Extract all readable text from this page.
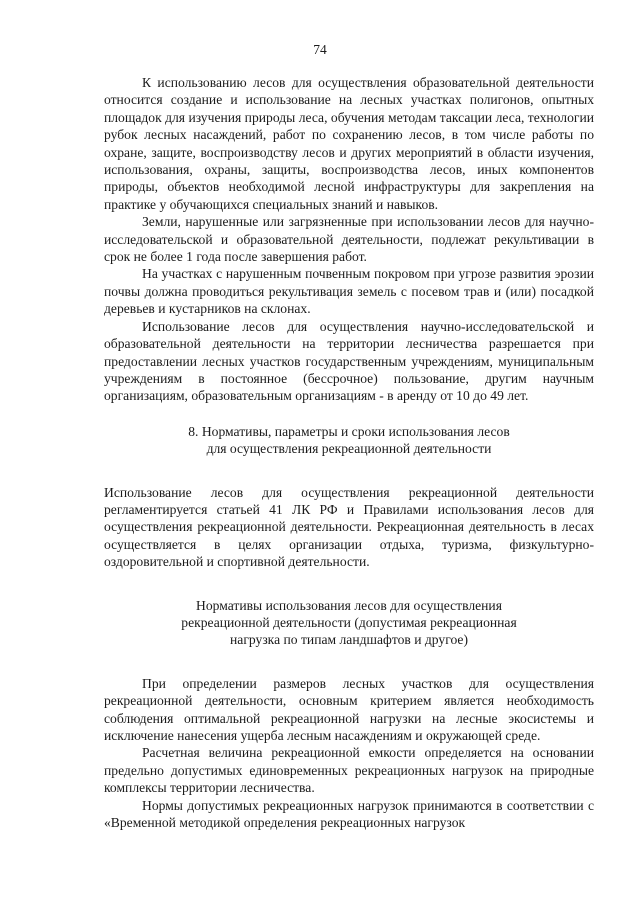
74

К использованию лесов для осуществления образовательной деятельности относится создание и использование на лесных участках полигонов, опытных площадок для изучения природы леса, обучения методам таксации леса, технологии рубок лесных насаждений, работ по сохранению лесов, в том числе работы по охране, защите, воспроизводству лесов и других мероприятий в области изучения, использования, охраны, защиты, воспроизводства лесов, иных компонентов природы, объектов необходимой лесной инфраструктуры для закрепления на практике у обучающихся специальных знаний и навыков.

Земли, нарушенные или загрязненные при использовании лесов для научно-исследовательской и образовательной деятельности, подлежат рекультивации в срок не более 1 года после завершения работ.

На участках с нарушенным почвенным покровом при угрозе развития эрозии почвы должна проводиться рекультивация земель с посевом трав и (или) посадкой деревьев и кустарников на склонах.

Использование лесов для осуществления научно-исследовательской и образовательной деятельности на территории лесничества разрешается при предоставлении лесных участков государственным учреждениям, муниципальным учреждениям в постоянное (бессрочное) пользование, другим научным организациям, образовательным организациям - в аренду от 10 до 49 лет.

8. Нормативы, параметры и сроки использования лесов
для осуществления рекреационной деятельности

Использование лесов для осуществления рекреационной деятельности регламентируется статьей 41 ЛК РФ и Правилами использования лесов для осуществления рекреационной деятельности. Рекреационная деятельность в лесах осуществляется в целях организации отдыха, туризма, физкультурно-оздоровительной и спортивной деятельности.

Нормативы использования лесов для осуществления
рекреационной деятельности (допустимая рекреационная
нагрузка по типам ландшафтов и другое)

При определении размеров лесных участков для осуществления рекреационной деятельности, основным критерием является необходимость соблюдения оптимальной рекреационной нагрузки на лесные экосистемы и исключение нанесения ущерба лесным насаждениям и окружающей среде.

Расчетная величина рекреационной емкости определяется на основании предельно допустимых единовременных рекреационных нагрузок на природные комплексы территории лесничества.

Нормы допустимых рекреационных нагрузок принимаются в соответствии с «Временной методикой определения рекреационных нагрузок
